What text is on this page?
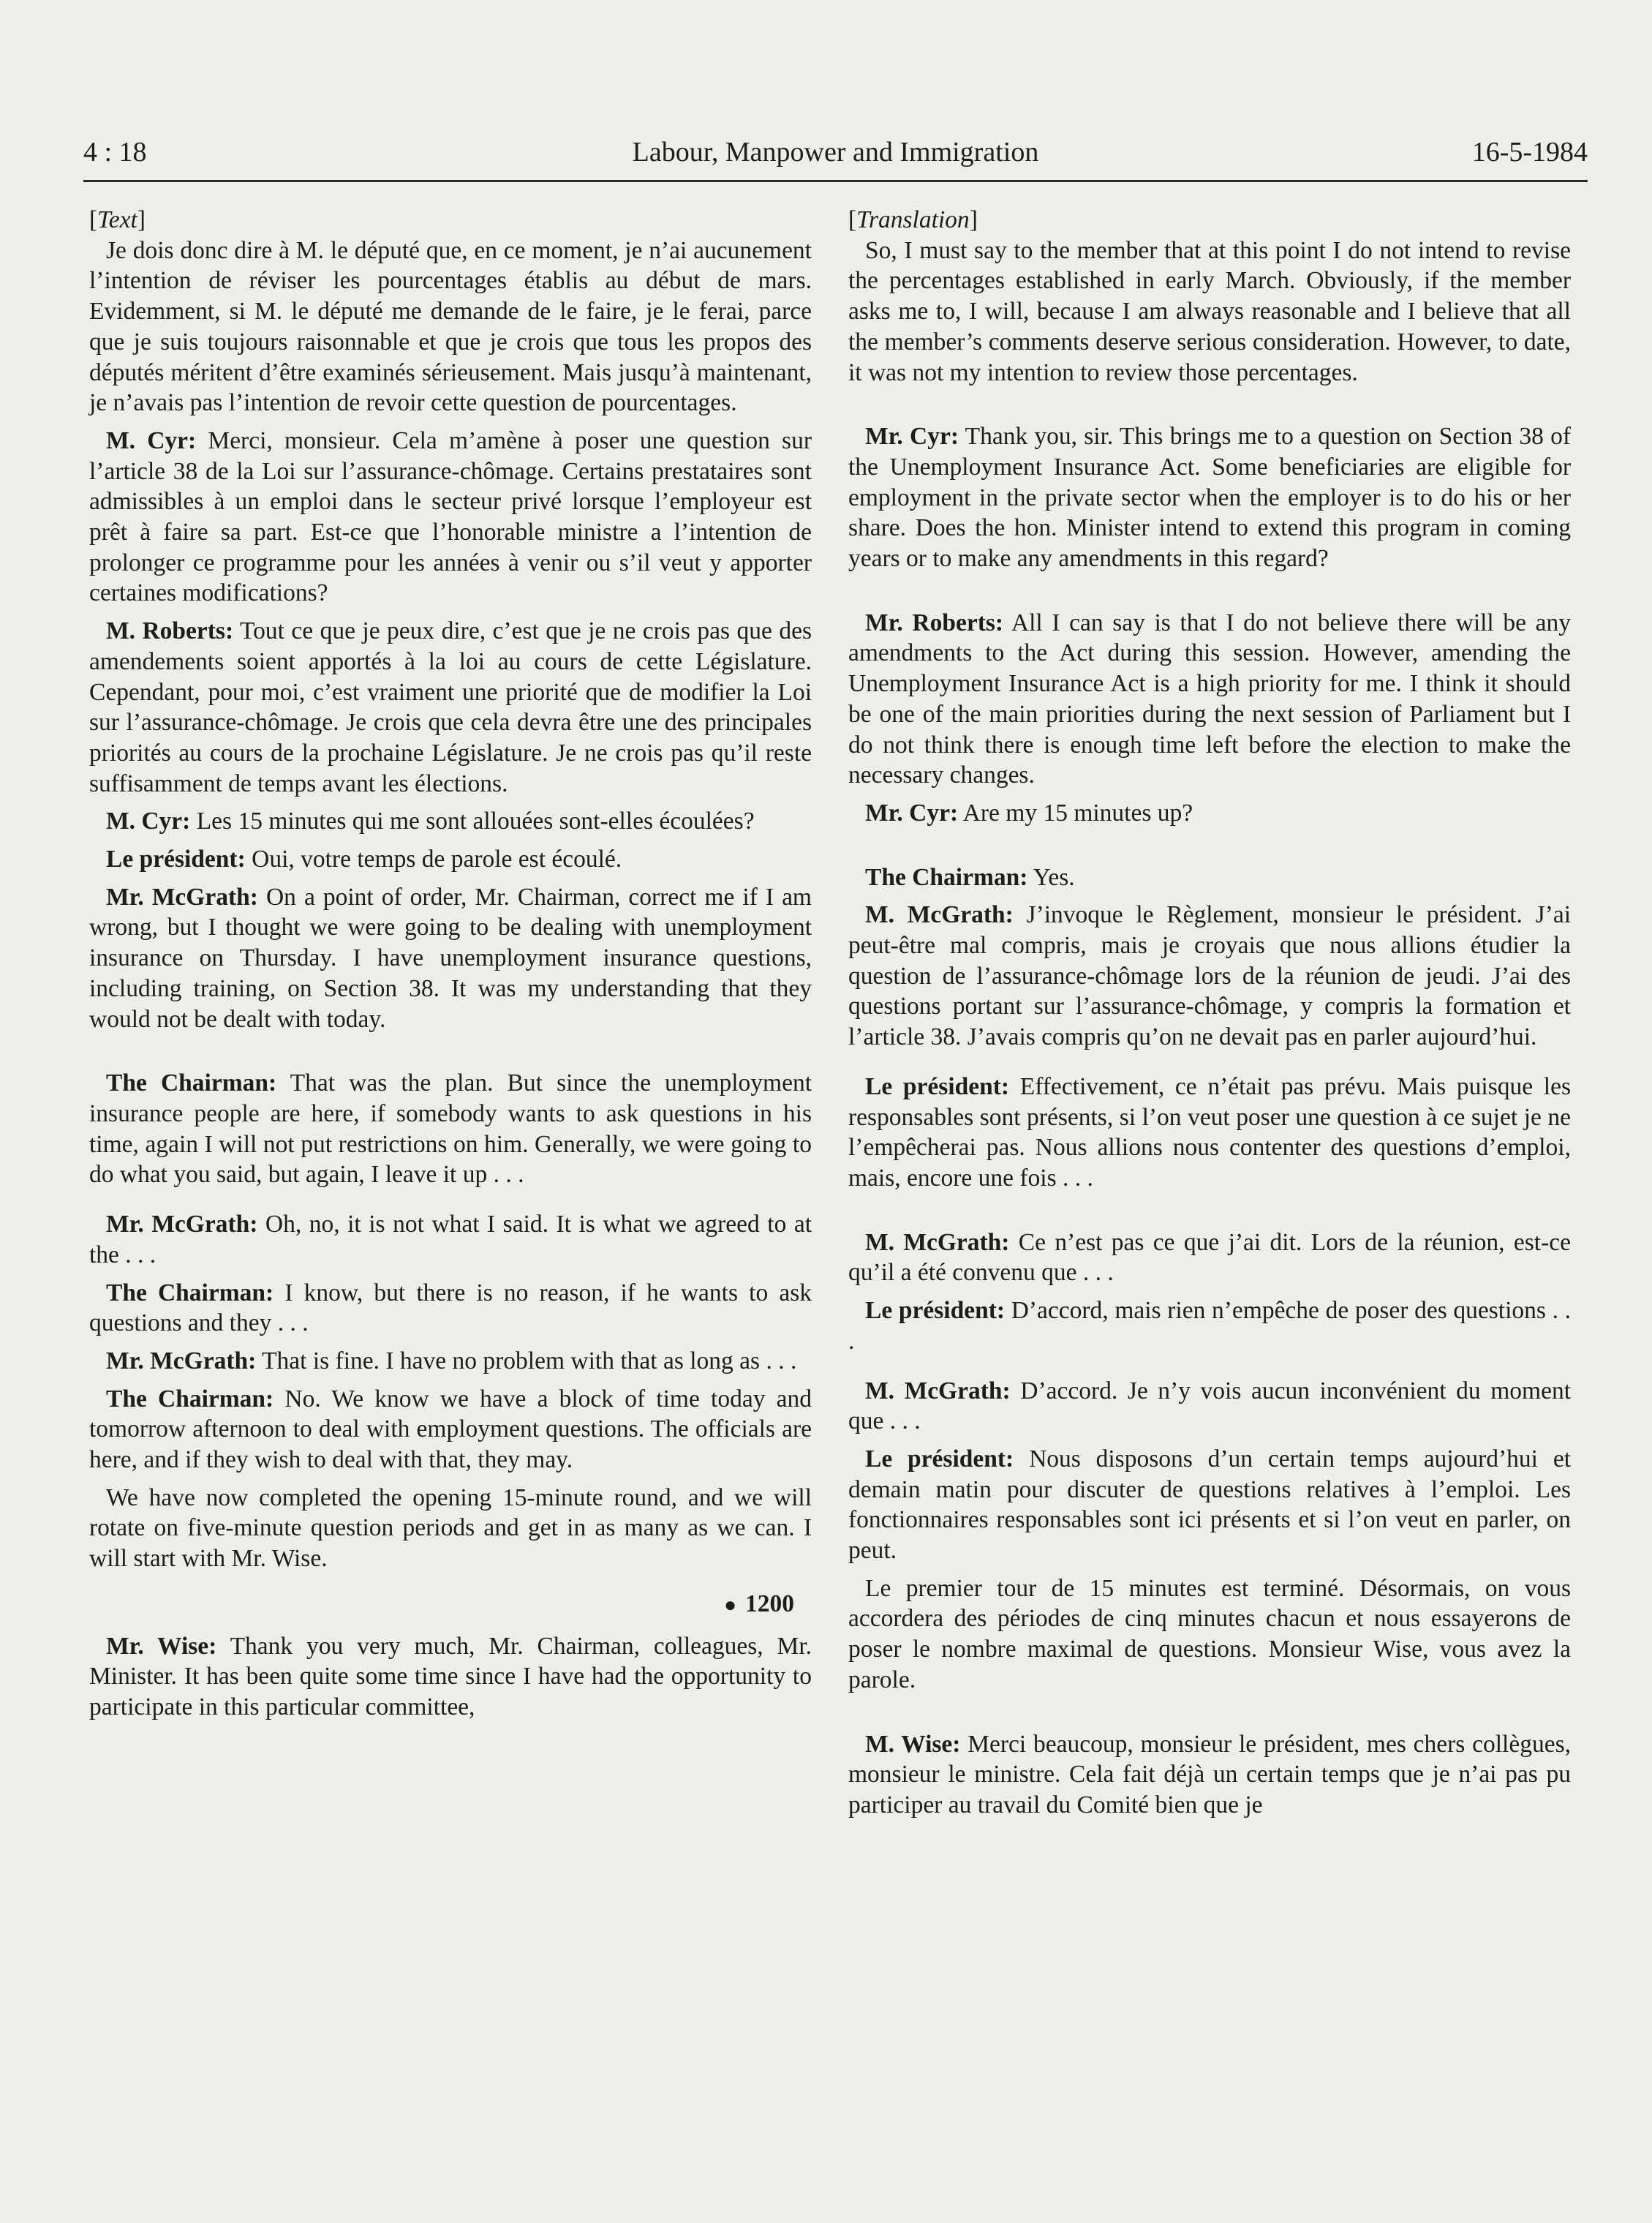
4 : 18	Labour, Manpower and Immigration	16-5-1984

[Text]

Je dois donc dire à M. le député que, en ce moment, je n’ai aucunement l’intention de réviser les pourcentages établis au début de mars. Evidemment, si M. le député me demande de le faire, je le ferai, parce que je suis toujours raisonnable et que je crois que tous les propos des députés méritent d’être examinés sérieusement. Mais jusqu’à maintenant, je n’avais pas l’intention de revoir cette question de pourcentages.

M. Cyr: Merci, monsieur. Cela m’amène à poser une question sur l’article 38 de la Loi sur l’assurance-chômage. Certains prestataires sont admissibles à un emploi dans le secteur privé lorsque l’employeur est prêt à faire sa part. Est-ce que l’honorable ministre a l’intention de prolonger ce programme pour les années à venir ou s’il veut y apporter certaines modifications?

M. Roberts: Tout ce que je peux dire, c’est que je ne crois pas que des amendements soient apportés à la loi au cours de cette Législature. Cependant, pour moi, c’est vraiment une priorité que de modifier la Loi sur l’assurance-chômage. Je crois que cela devra être une des principales priorités au cours de la prochaine Législature. Je ne crois pas qu’il reste suffisamment de temps avant les élections.

M. Cyr: Les 15 minutes qui me sont allouées sont-elles écoulées?

Le président: Oui, votre temps de parole est écoulé.

Mr. McGrath: On a point of order, Mr. Chairman, correct me if I am wrong, but I thought we were going to be dealing with unemployment insurance on Thursday. I have unemployment insurance questions, including training, on Section 38. It was my understanding that they would not be dealt with today.

The Chairman: That was the plan. But since the unemployment insurance people are here, if somebody wants to ask questions in his time, again I will not put restrictions on him. Generally, we were going to do what you said, but again, I leave it up . . .

Mr. McGrath: Oh, no, it is not what I said. It is what we agreed to at the . . .

The Chairman: I know, but there is no reason, if he wants to ask questions and they . . .

Mr. McGrath: That is fine. I have no problem with that as long as . . .

The Chairman: No. We know we have a block of time today and tomorrow afternoon to deal with employment questions. The officials are here, and if they wish to deal with that, they may.

We have now completed the opening 15-minute round, and we will rotate on five-minute question periods and get in as many as we can. I will start with Mr. Wise.

● 1200

Mr. Wise: Thank you very much, Mr. Chairman, colleagues, Mr. Minister. It has been quite some time since I have had the opportunity to participate in this particular committee,

[Translation]

So, I must say to the member that at this point I do not intend to revise the percentages established in early March. Obviously, if the member asks me to, I will, because I am always reasonable and I believe that all the member’s comments deserve serious consideration. However, to date, it was not my intention to review those percentages.

Mr. Cyr: Thank you, sir. This brings me to a question on Section 38 of the Unemployment Insurance Act. Some beneficiaries are eligible for employment in the private sector when the employer is to do his or her share. Does the hon. Minister intend to extend this program in coming years or to make any amendments in this regard?

Mr. Roberts: All I can say is that I do not believe there will be any amendments to the Act during this session. However, amending the Unemployment Insurance Act is a high priority for me. I think it should be one of the main priorities during the next session of Parliament but I do not think there is enough time left before the election to make the necessary changes.

Mr. Cyr: Are my 15 minutes up?

The Chairman: Yes.

M. McGrath: J’invoque le Règlement, monsieur le président. J’ai peut-être mal compris, mais je croyais que nous allions étudier la question de l’assurance-chômage lors de la réunion de jeudi. J’ai des questions portant sur l’assurance-chômage, y compris la formation et l’article 38. J’avais compris qu’on ne devait pas en parler aujourd’hui.

Le président: Effectivement, ce n’était pas prévu. Mais puisque les responsables sont présents, si l’on veut poser une question à ce sujet je ne l’empêcherai pas. Nous allions nous contenter des questions d’emploi, mais, encore une fois . . .

M. McGrath: Ce n’est pas ce que j’ai dit. Lors de la réunion, est-ce qu’il a été convenu que . . .

Le président: D’accord, mais rien n’empêche de poser des questions . . .

M. McGrath: D’accord. Je n’y vois aucun inconvénient du moment que . . .

Le président: Nous disposons d’un certain temps aujourd’hui et demain matin pour discuter de questions relatives à l’emploi. Les fonctionnaires responsables sont ici présents et si l’on veut en parler, on peut.

Le premier tour de 15 minutes est terminé. Désormais, on vous accordera des périodes de cinq minutes chacun et nous essayerons de poser le nombre maximal de questions. Monsieur Wise, vous avez la parole.

M. Wise: Merci beaucoup, monsieur le président, mes chers collègues, monsieur le ministre. Cela fait déjà un certain temps que je n’ai pas pu participer au travail du Comité bien que je
